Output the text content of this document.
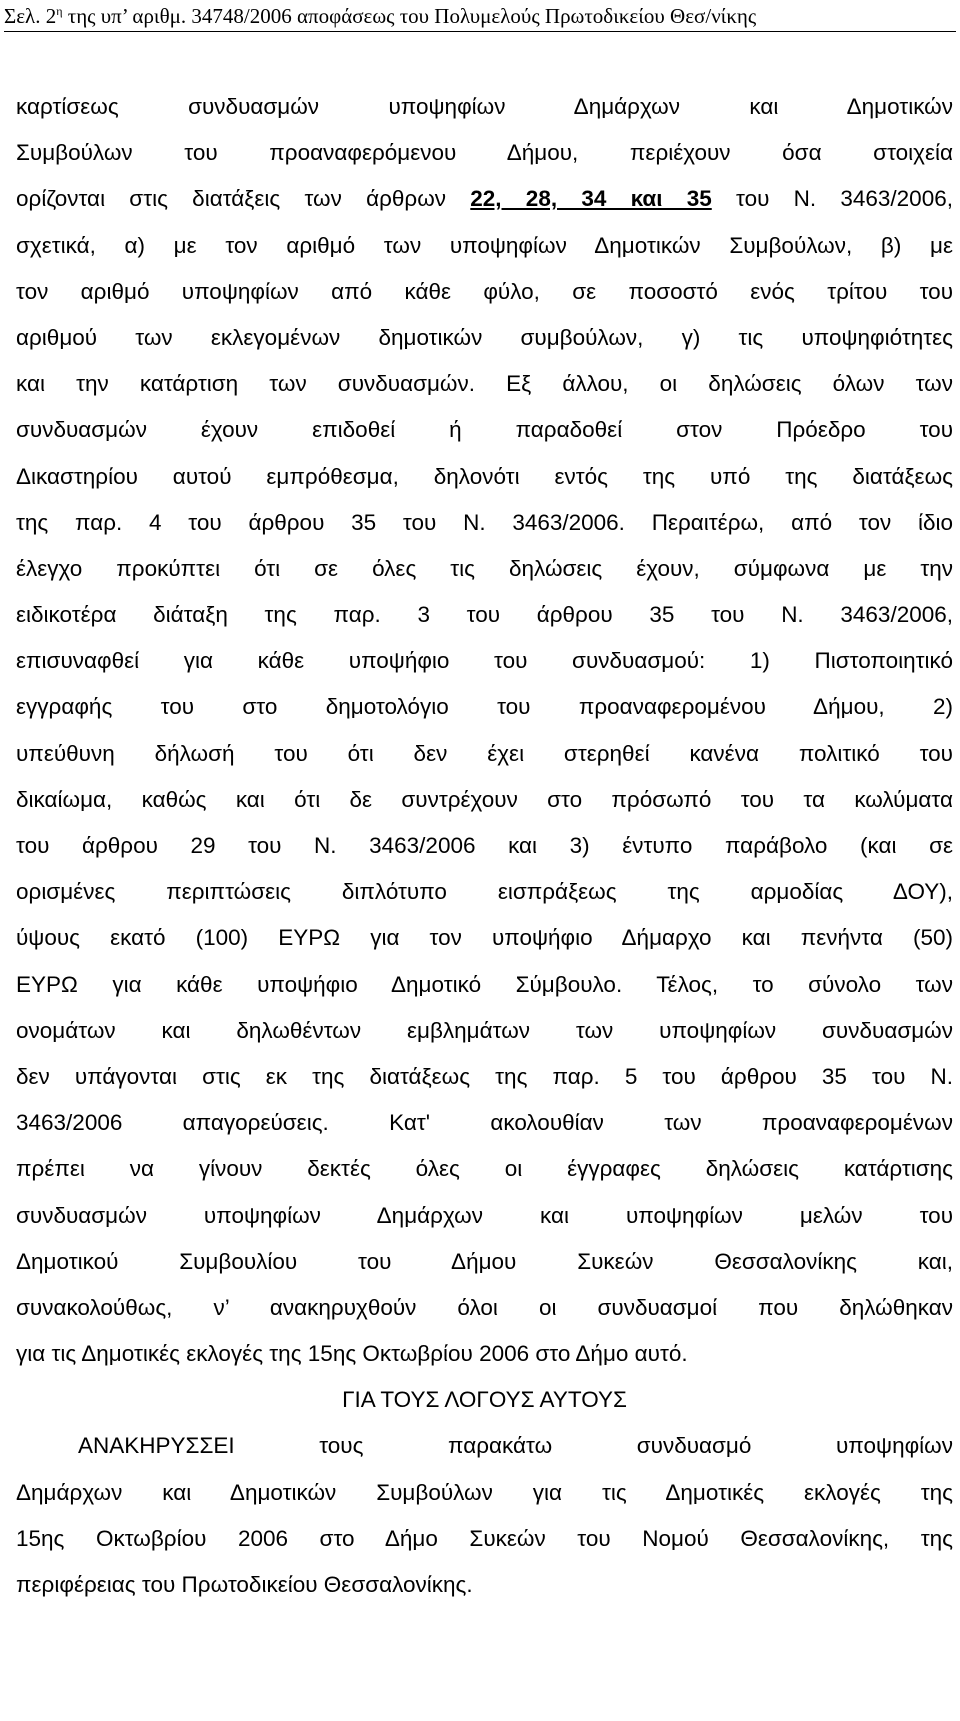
Σελ. $2^\eta$ της υπ’ αριθμ. 34748/2006 αποφάσεως του Πολυμελούς Πρωτοδικείου Θεσ/νίκης
καρτίσεως συνδυασμών υποψηφίων Δημάρχων και Δημοτικών
Συμβούλων του προαναφερόμενου Δήμου, περιέχουν όσα στοιχεία
ορίζονται στις διατάξεις των άρθρων 22, 28, 34 και 35 του Ν. 3463/2006,
σχετικά, α) με τον αριθμό των υποψηφίων Δημοτικών Συμβούλων, β) με
τον αριθμό υποψηφίων από κάθε φύλο, σε ποσοστό ενός τρίτου του
αριθμού των εκλεγομένων δημοτικών συμβούλων, γ) τις υποψηφιότητες
και την κατάρτιση των συνδυασμών. Εξ άλλου, οι δηλώσεις όλων των
συνδυασμών έχουν επιδοθεί ή παραδοθεί στον Πρόεδρο του
Δικαστηρίου αυτού εμπρόθεσμα, δηλονότι εντός της υπό της διατάξεως
της παρ. 4 του άρθρου 35 του Ν. 3463/2006. Περαιτέρω, από τον ίδιο
έλεγχο προκύπτει ότι σε όλες τις δηλώσεις έχουν, σύμφωνα με την
ειδικοτέρα διάταξη της παρ. 3 του άρθρου 35 του Ν. 3463/2006,
επισυναφθεί για κάθε υποψήφιο του συνδυασμού: 1) Πιστοποιητικό
εγγραφής του στο δημοτολόγιο του προαναφερομένου Δήμου, 2)
υπεύθυνη δήλωσή του ότι δεν έχει στερηθεί κανένα πολιτικό του
δικαίωμα, καθώς και ότι δε συντρέχουν στο πρόσωπό του τα κωλύματα
του άρθρου 29 του Ν. 3463/2006 και 3) έντυπο παράβολο (και σε
ορισμένες περιπτώσεις διπλότυπο εισπράξεως της αρμοδίας ΔΟΥ),
ύψους εκατό (100) ΕΥΡΩ για τον υποψήφιο Δήμαρχο και πενήντα (50)
ΕΥΡΩ για κάθε υποψήφιο Δημοτικό Σύμβουλο. Τέλος, το σύνολο των
ονομάτων και δηλωθέντων εμβλημάτων των υποψηφίων συνδυασμών
δεν υπάγονται στις εκ της διατάξεως της παρ. 5 του άρθρου 35 του Ν.
3463/2006 απαγορεύσεις. Κατ' ακολουθίαν των προαναφερομένων
πρέπει να γίνουν δεκτές όλες οι έγγραφες δηλώσεις κατάρτισης
συνδυασμών υποψηφίων Δημάρχων και υποψηφίων μελών του
Δημοτικού Συμβουλίου του Δήμου Συκεών Θεσσαλονίκης και,
συνακολούθως, ν’ ανακηρυχθούν όλοι οι συνδυασμοί που δηλώθηκαν
για τις Δημοτικές εκλογές της 15ης Οκτωβρίου 2006 στο Δήμο αυτό.
ΓΙΑ ΤΟΥΣ ΛΟΓΟΥΣ ΑΥΤΟΥΣ
ΑΝΑΚΗΡΥΣΣΕΙ τους παρακάτω συνδυασμό υποψηφίων
Δημάρχων και Δημοτικών Συμβούλων για τις Δημοτικές εκλογές της
15ης Οκτωβρίου 2006 στο Δήμο Συκεών του Νομού Θεσσαλονίκης, της
περιφέρειας του Πρωτοδικείου Θεσσαλονίκης.
